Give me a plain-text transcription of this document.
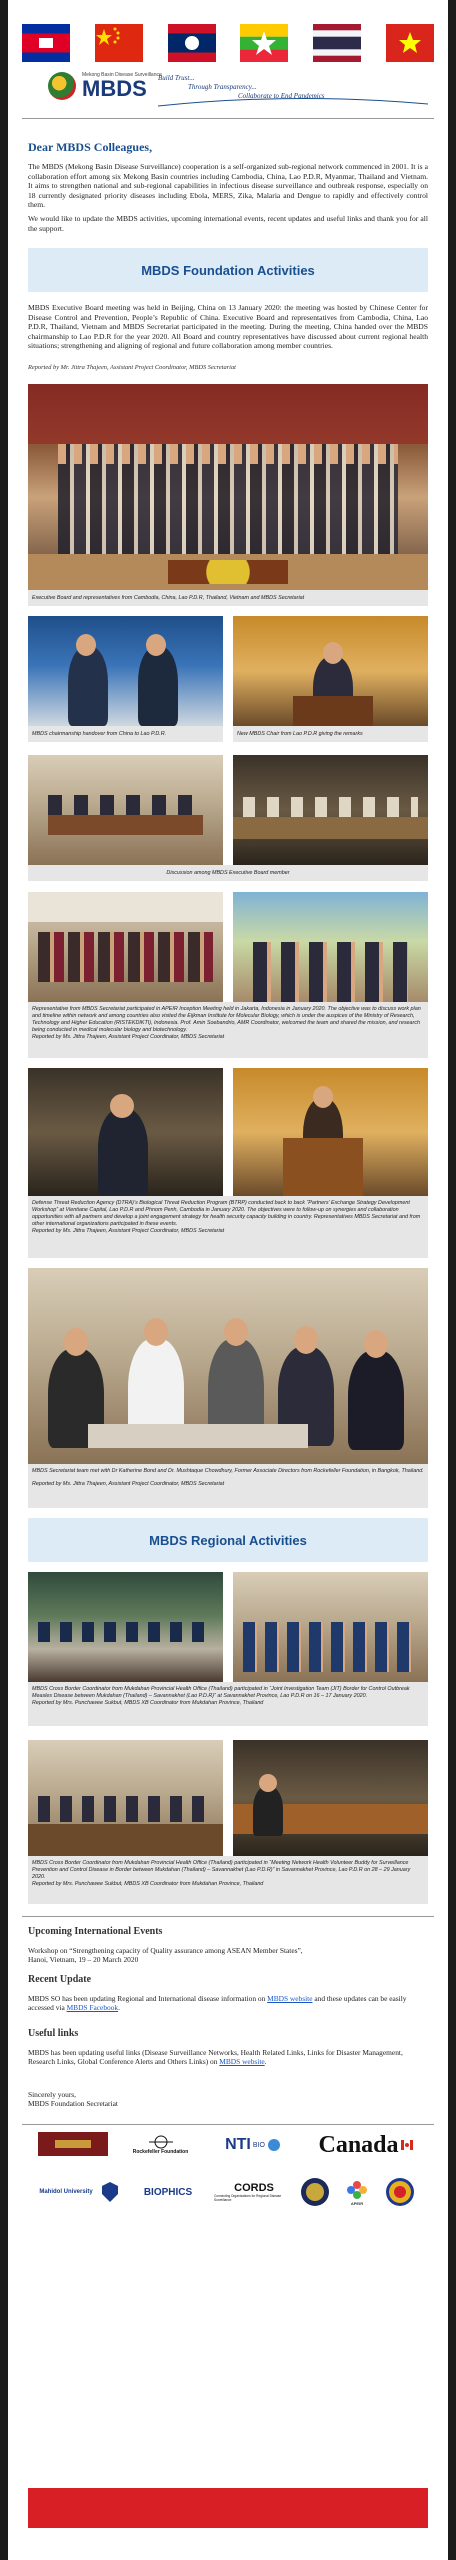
Mekong Basin Disease Surveillance
MBDS	Build Trust...
Through Transparency...
Collaborate to End Pandemics
Dear MBDS Colleagues,

The MBDS (Mekong Basin Disease Surveillance) cooperation is a self-organized sub-regional network commenced in 2001. It is a collaboration effort among six Mekong Basin countries including Cambodia, China, Lao P.D.R, Myanmar, Thailand and Vietnam. It aims to strengthen national and sub-regional capabilities in infectious disease surveillance and outbreak response, especially on 18 currently designated priority diseases including Ebola, MERS, Zika, Malaria and Dengue to rapidly and effectively control them.

We would like to update the MBDS activities, upcoming international events, recent updates and useful links and thank you for all the support.

MBDS Foundation Activities

MBDS Executive Board meeting was held in Beijing, China on 13 January 2020: the meeting was hosted by Chinese Center for Disease Control and Prevention, People’s Republic of China. Executive Board and representatives from Cambodia, China, Lao P.D.R, Thailand, Vietnam and MBDS Secretariat participated in the meeting. During the meeting, China handed over the MBDS chairmanship to Lao P.D.R for the year 2020. All Board and country representatives have discussed about current regional health situations; strengthening and aligning of regional and future collaboration among member countries.

Reported by Mr. Jittra Thajeen, Assistant Project Coordinator, MBDS Secretariat

Executive Board and representatives from Cambodia, China, Lao P.D.R, Thailand, Vietnam and MBDS Secretariat
MBDS chairmanship handover from China to Lao P.D.R.	New MBDS Chair from Lao P.D.R giving the remarks
Discussion among MBDS Executive Board member
Representative from MBDS Secretariat participated in APEIR Inception Meeting held in Jakarta, Indonesia in January 2020. The objective was to discuss work plan and timeline within network and among countries also visited the Eijkman Institute for Molecular Biology, which is under the auspices of the Ministry of Research, Technology and Higher Education (RISTEKDIKTI), Indonesia. Prof. Amin Soebandrio, AMR Coordinator, welcomed the team and shared the mission, and research being conducted in medical molecular biology and biotechnology.
Reported by Ms. Jittra Thajeen, Assistant Project Coordinator, MBDS Secretariat
Defense Threat Reduction Agency (DTRA)’s Biological Threat Reduction Program (BTRP) conducted back to back “Partners’ Exchange Strategy Development Workshop” at Vientiane Capital, Lao P.D.R and Phnom Penh, Cambodia in January 2020. The objectives were to follow-up on synergies and collaboration opportunities with all partners and develop a joint engagement strategy for health security capacity building in country. Representatives MBDS Secretariat and from other international organizations participated in these events.
Reported by Ms. Jittra Thajeen, Assistant Project Coordinator, MBDS Secretariat
MBDS Secretariat team met with Dr Katherine Bond and Dr. Mushtaque Chowdhury, Former Associate Directors from Rockefeller Foundation, in Bangkok, Thailand.
Reported by Ms. Jittra Thajeen, Assistant Project Coordinator, MBDS Secretariat
MBDS Regional Activities
MBDS Cross Border Coordinator from Mukdahan Provincial Health Office (Thailand) participated in “Joint Investigation Team (JIT) Border for Control Outbreak Measles Disease between Mukdahan (Thailand) – Savannakhet (Lao P.D.R)” at Savannakhet Province, Lao P.D.R on 16 – 17 January 2020.
Reported by Mrs. Punchawee Sukbut, MBDS XB Coordinator from Mukdahan Province, Thailand
MBDS Cross Border Coordinator from Mukdahan Provincial Health Office (Thailand) participated in “Meeting Network Health Volunteer Buddy for Surveillance Prevention and Control Disease in Border between Mukdahan (Thailand) – Savannakhet (Lao P.D.R)” in Savannakhet Province, Lao P.D.R on 28 – 29 January 2020.
Reported by Mrs. Punchawee Sukbut, MBDS XB Coordinator from Mukdahan Province, Thailand
Upcoming International Events

Workshop on “Strengthening capacity of Quality assurance among ASEAN Member States”,
Hanoi, Vietnam, 19 – 20 March 2020

Recent Update

MBDS SO has been updating Regional and International disease information on MBDS website and these updates can be easily accessed via MBDS Facebook.

Useful links

MBDS has been updating useful links (Disease Surveillance Networks, Health Related Links, Links for Disaster Management, Research Links, Global Conference Alerts and Others Links) on MBDS website.

Sincerely yours,
MBDS Foundation Secretariat

Rockefeller Foundation NTI BIO Canada
Mahidol University	BIOPHICS	CORDS
Connecting Organizations for Regional Disease Surveillance
APEIR
